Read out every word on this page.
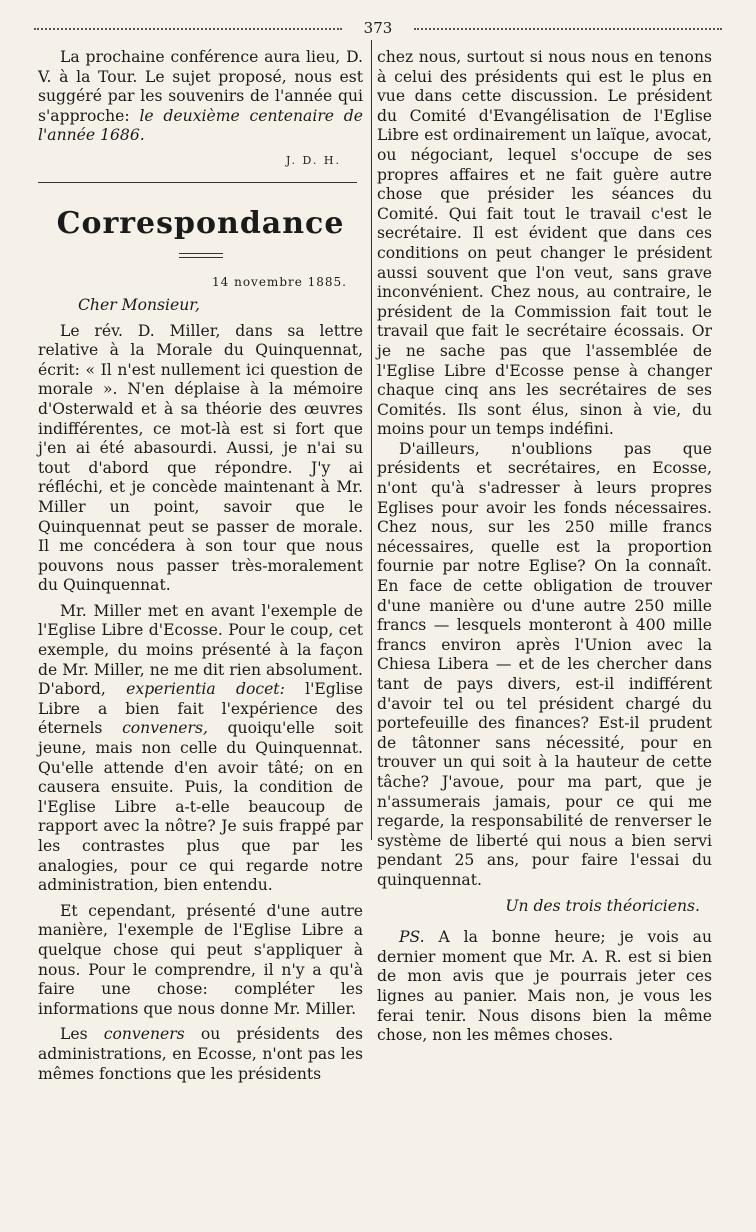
373

La prochaine conférence aura lieu, D. V. à la Tour. Le sujet proposé, nous est suggéré par les souvenirs de l'année qui s'approche: le deuxième centenaire de l'année 1686.

J. D. H.
Correspondance
14 novembre 1885.

Cher Monsieur,

Le rév. D. Miller, dans sa lettre relative à la Morale du Quinquennat, écrit: « Il n'est nullement ici question de morale ». N'en déplaise à la mémoire d'Osterwald et à sa théorie des œuvres indifférentes, ce mot-là est si fort que j'en ai été abasourdi. Aussi, je n'ai su tout d'abord que répondre. J'y ai réfléchi, et je concède maintenant à Mr. Miller un point, savoir que le Quinquennat peut se passer de morale. Il me concédera à son tour que nous pouvons nous passer très-moralement du Quinquennat.

Mr. Miller met en avant l'exemple de l'Eglise Libre d'Ecosse. Pour le coup, cet exemple, du moins présenté à la façon de Mr. Miller, ne me dit rien absolument. D'abord, experientia docet: l'Eglise Libre a bien fait l'expérience des éternels conveners, quoiqu'elle soit jeune, mais non celle du Quinquennat. Qu'elle attende d'en avoir tâté; on en causera ensuite. Puis, la condition de l'Eglise Libre a-t-elle beaucoup de rapport avec la nôtre? Je suis frappé par les contrastes plus que par les analogies, pour ce qui regarde notre administration, bien entendu.

Et cependant, présenté d'une autre manière, l'exemple de l'Eglise Libre a quelque chose qui peut s'appliquer à nous. Pour le comprendre, il n'y a qu'à faire une chose: compléter les informations que nous donne Mr. Miller.

Les conveners ou présidents des administrations, en Ecosse, n'ont pas les mêmes fonctions que les présidents

chez nous, surtout si nous nous en tenons à celui des présidents qui est le plus en vue dans cette discussion. Le président du Comité d'Evangélisation de l'Eglise Libre est ordinairement un laïque, avocat, ou négociant, lequel s'occupe de ses propres affaires et ne fait guère autre chose que présider les séances du Comité. Qui fait tout le travail c'est le secrétaire. Il est évident que dans ces conditions on peut changer le président aussi souvent que l'on veut, sans grave inconvénient. Chez nous, au contraire, le président de la Commission fait tout le travail que fait le secrétaire écossais. Or je ne sache pas que l'assemblée de l'Eglise Libre d'Ecosse pense à changer chaque cinq ans les secrétaires de ses Comités. Ils sont élus, sinon à vie, du moins pour un temps indéfini.

D'ailleurs, n'oublions pas que présidents et secrétaires, en Ecosse, n'ont qu'à s'adresser à leurs propres Eglises pour avoir les fonds nécessaires. Chez nous, sur les 250 mille francs nécessaires, quelle est la proportion fournie par notre Eglise? On la connaît. En face de cette obligation de trouver d'une manière ou d'une autre 250 mille francs — lesquels monteront à 400 mille francs environ après l'Union avec la Chiesa Libera — et de les chercher dans tant de pays divers, est-il indifférent d'avoir tel ou tel président chargé du portefeuille des finances? Est-il prudent de tâtonner sans nécessité, pour en trouver un qui soit à la hauteur de cette tâche? J'avoue, pour ma part, que je n'assumerais jamais, pour ce qui me regarde, la responsabilité de renverser le système de liberté qui nous a bien servi pendant 25 ans, pour faire l'essai du quinquennat.

Un des trois théoriciens.

PS. A la bonne heure; je vois au dernier moment que Mr. A. R. est si bien de mon avis que je pourrais jeter ces lignes au panier. Mais non, je vous les ferai tenir. Nous disons bien la même chose, non les mêmes choses.
